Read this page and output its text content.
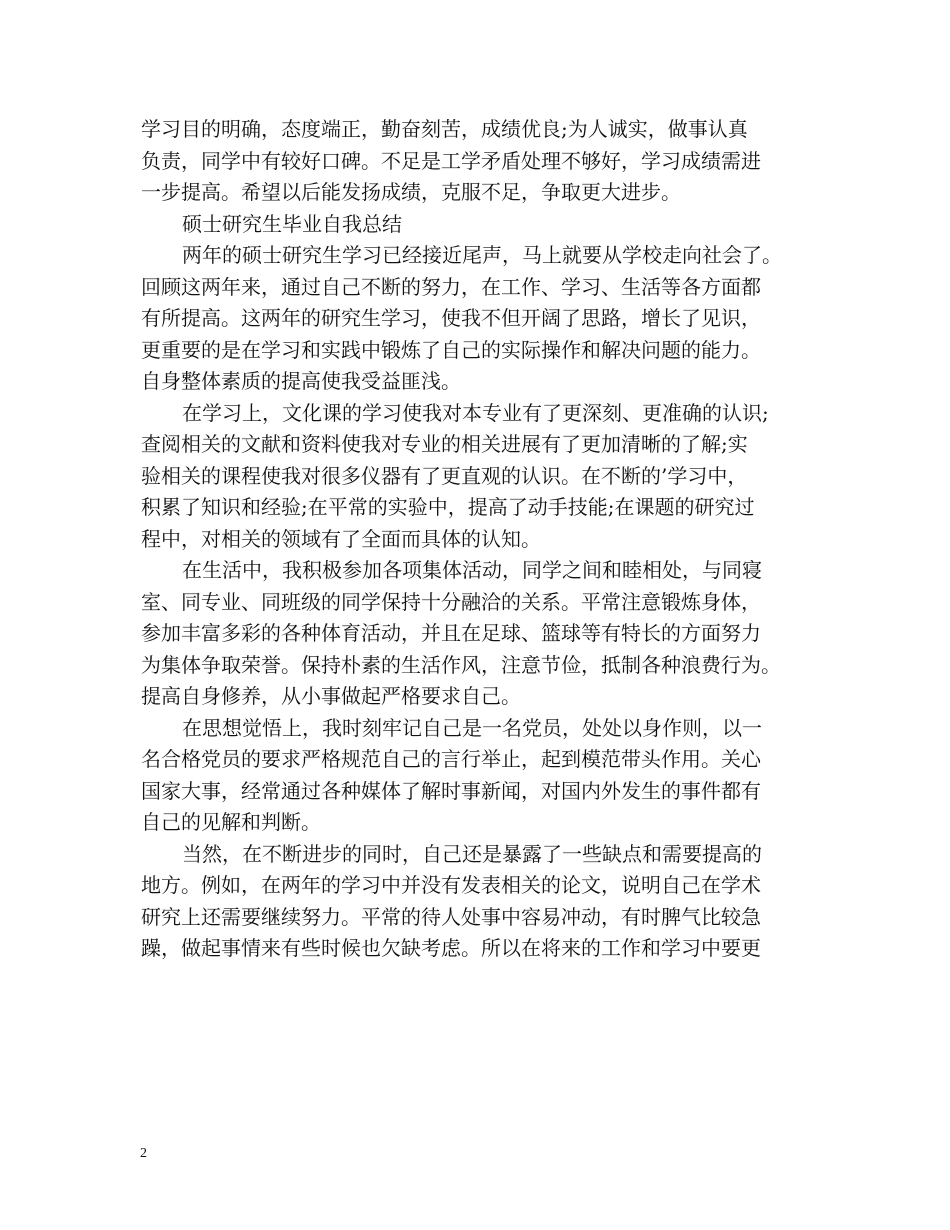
学习目的明确，态度端正，勤奋刻苦，成绩优良;为人诚实，做事认真
负责，同学中有较好口碑。不足是工学矛盾处理不够好，学习成绩需进
一步提高。希望以后能发扬成绩，克服不足，争取更大进步。
硕士研究生毕业自我总结
两年的硕士研究生学习已经接近尾声，马上就要从学校走向社会了。
回顾这两年来，通过自己不断的努力，在工作、学习、生活等各方面都
有所提高。这两年的研究生学习，使我不但开阔了思路，增长了见识，
更重要的是在学习和实践中锻炼了自己的实际操作和解决问题的能力。
自身整体素质的提高使我受益匪浅。
在学习上，文化课的学习使我对本专业有了更深刻、更准确的认识;
查阅相关的文献和资料使我对专业的相关进展有了更加清晰的了解;实
验相关的课程使我对很多仪器有了更直观的认识。在不断的’学习中，
积累了知识和经验;在平常的实验中，提高了动手技能;在课题的研究过
程中，对相关的领域有了全面而具体的认知。
在生活中，我积极参加各项集体活动，同学之间和睦相处，与同寝
室、同专业、同班级的同学保持十分融洽的关系。平常注意锻炼身体，
参加丰富多彩的各种体育活动，并且在足球、篮球等有特长的方面努力
为集体争取荣誉。保持朴素的生活作风，注意节俭，抵制各种浪费行为。
提高自身修养，从小事做起严格要求自己。
在思想觉悟上，我时刻牢记自己是一名党员，处处以身作则，以一
名合格党员的要求严格规范自己的言行举止，起到模范带头作用。关心
国家大事，经常通过各种媒体了解时事新闻，对国内外发生的事件都有
自己的见解和判断。
当然，在不断进步的同时，自己还是暴露了一些缺点和需要提高的
地方。例如，在两年的学习中并没有发表相关的论文，说明自己在学术
研究上还需要继续努力。平常的待人处事中容易冲动，有时脾气比较急
躁，做起事情来有些时候也欠缺考虑。所以在将来的工作和学习中要更
2
